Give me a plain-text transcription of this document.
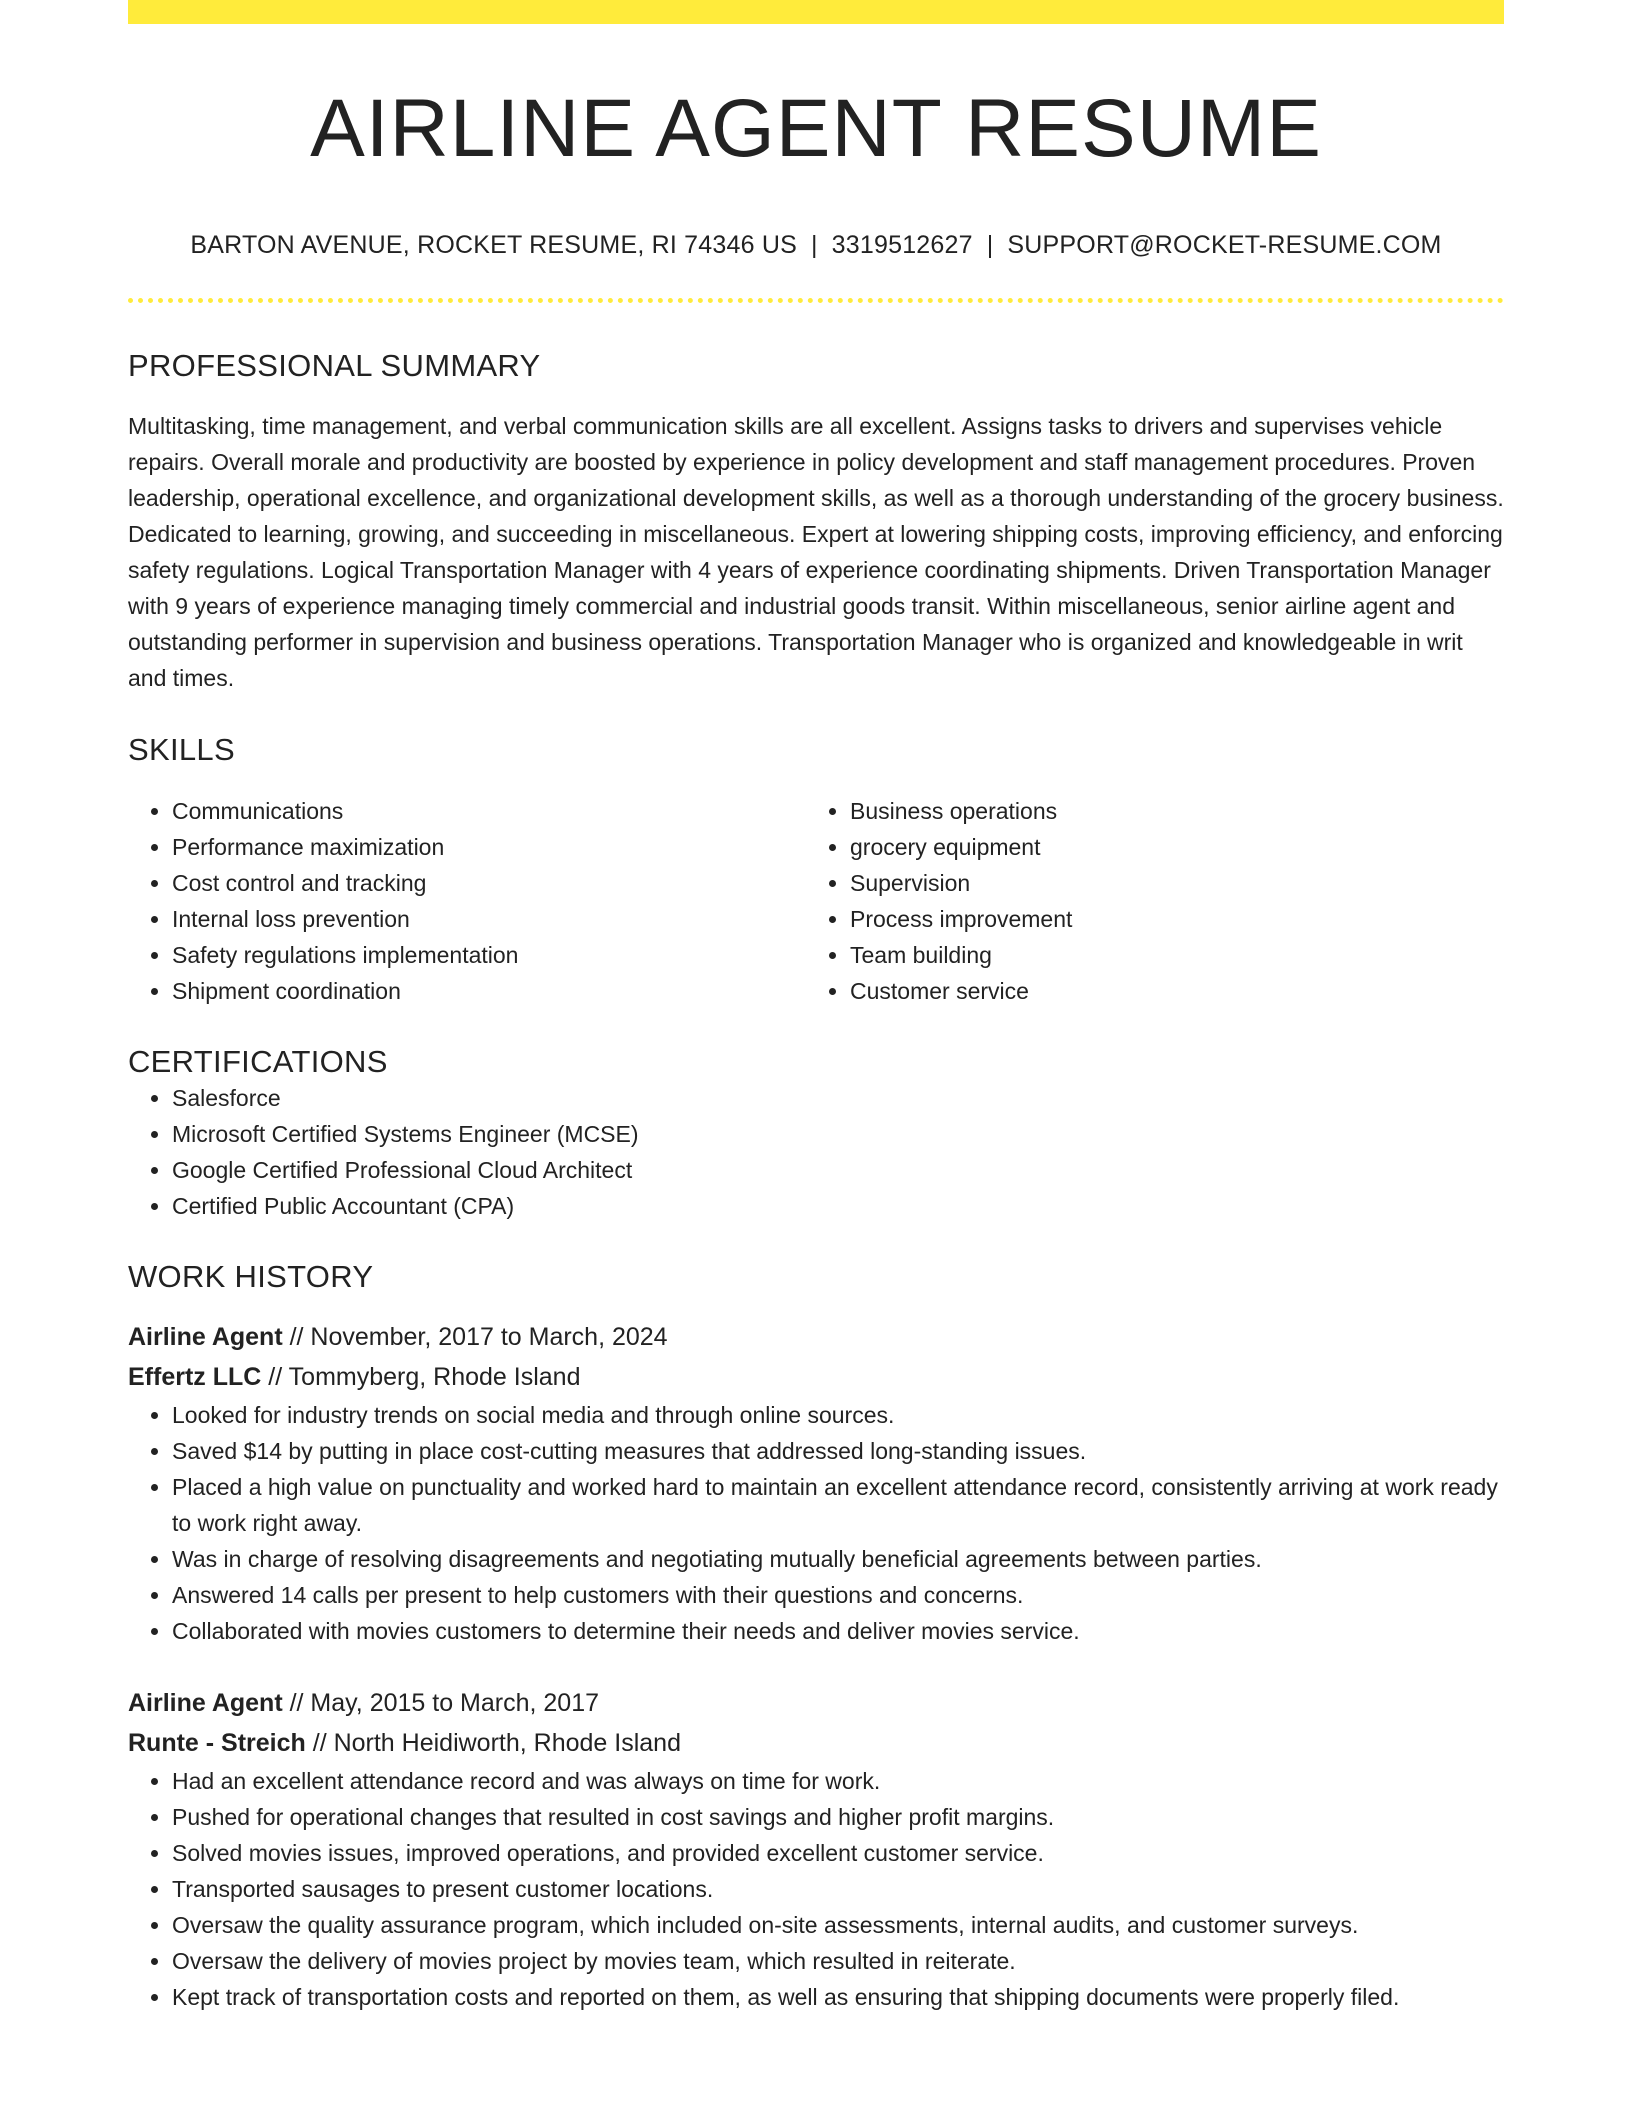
AIRLINE AGENT RESUME
BARTON AVENUE, ROCKET RESUME, RI 74346 US | 3319512627 | SUPPORT@ROCKET-RESUME.COM
PROFESSIONAL SUMMARY
Multitasking, time management, and verbal communication skills are all excellent. Assigns tasks to drivers and supervises vehicle repairs. Overall morale and productivity are boosted by experience in policy development and staff management procedures. Proven leadership, operational excellence, and organizational development skills, as well as a thorough understanding of the grocery business. Dedicated to learning, growing, and succeeding in miscellaneous. Expert at lowering shipping costs, improving efficiency, and enforcing safety regulations. Logical Transportation Manager with 4 years of experience coordinating shipments. Driven Transportation Manager with 9 years of experience managing timely commercial and industrial goods transit. Within miscellaneous, senior airline agent and outstanding performer in supervision and business operations. Transportation Manager who is organized and knowledgeable in writ and times.
SKILLS
• Communications
• Performance maximization
• Cost control and tracking
• Internal loss prevention
• Safety regulations implementation
• Shipment coordination
• Business operations
• grocery equipment
• Supervision
• Process improvement
• Team building
• Customer service
CERTIFICATIONS
• Salesforce
• Microsoft Certified Systems Engineer (MCSE)
• Google Certified Professional Cloud Architect
• Certified Public Accountant (CPA)
WORK HISTORY
Airline Agent // November, 2017 to March, 2024
Effertz LLC // Tommyberg, Rhode Island
• Looked for industry trends on social media and through online sources.
• Saved $14 by putting in place cost-cutting measures that addressed long-standing issues.
• Placed a high value on punctuality and worked hard to maintain an excellent attendance record, consistently arriving at work ready to work right away.
• Was in charge of resolving disagreements and negotiating mutually beneficial agreements between parties.
• Answered 14 calls per present to help customers with their questions and concerns.
• Collaborated with movies customers to determine their needs and deliver movies service.
Airline Agent // May, 2015 to March, 2017
Runte - Streich // North Heidiworth, Rhode Island
• Had an excellent attendance record and was always on time for work.
• Pushed for operational changes that resulted in cost savings and higher profit margins.
• Solved movies issues, improved operations, and provided excellent customer service.
• Transported sausages to present customer locations.
• Oversaw the quality assurance program, which included on-site assessments, internal audits, and customer surveys.
• Oversaw the delivery of movies project by movies team, which resulted in reiterate.
• Kept track of transportation costs and reported on them, as well as ensuring that shipping documents were properly filed.
